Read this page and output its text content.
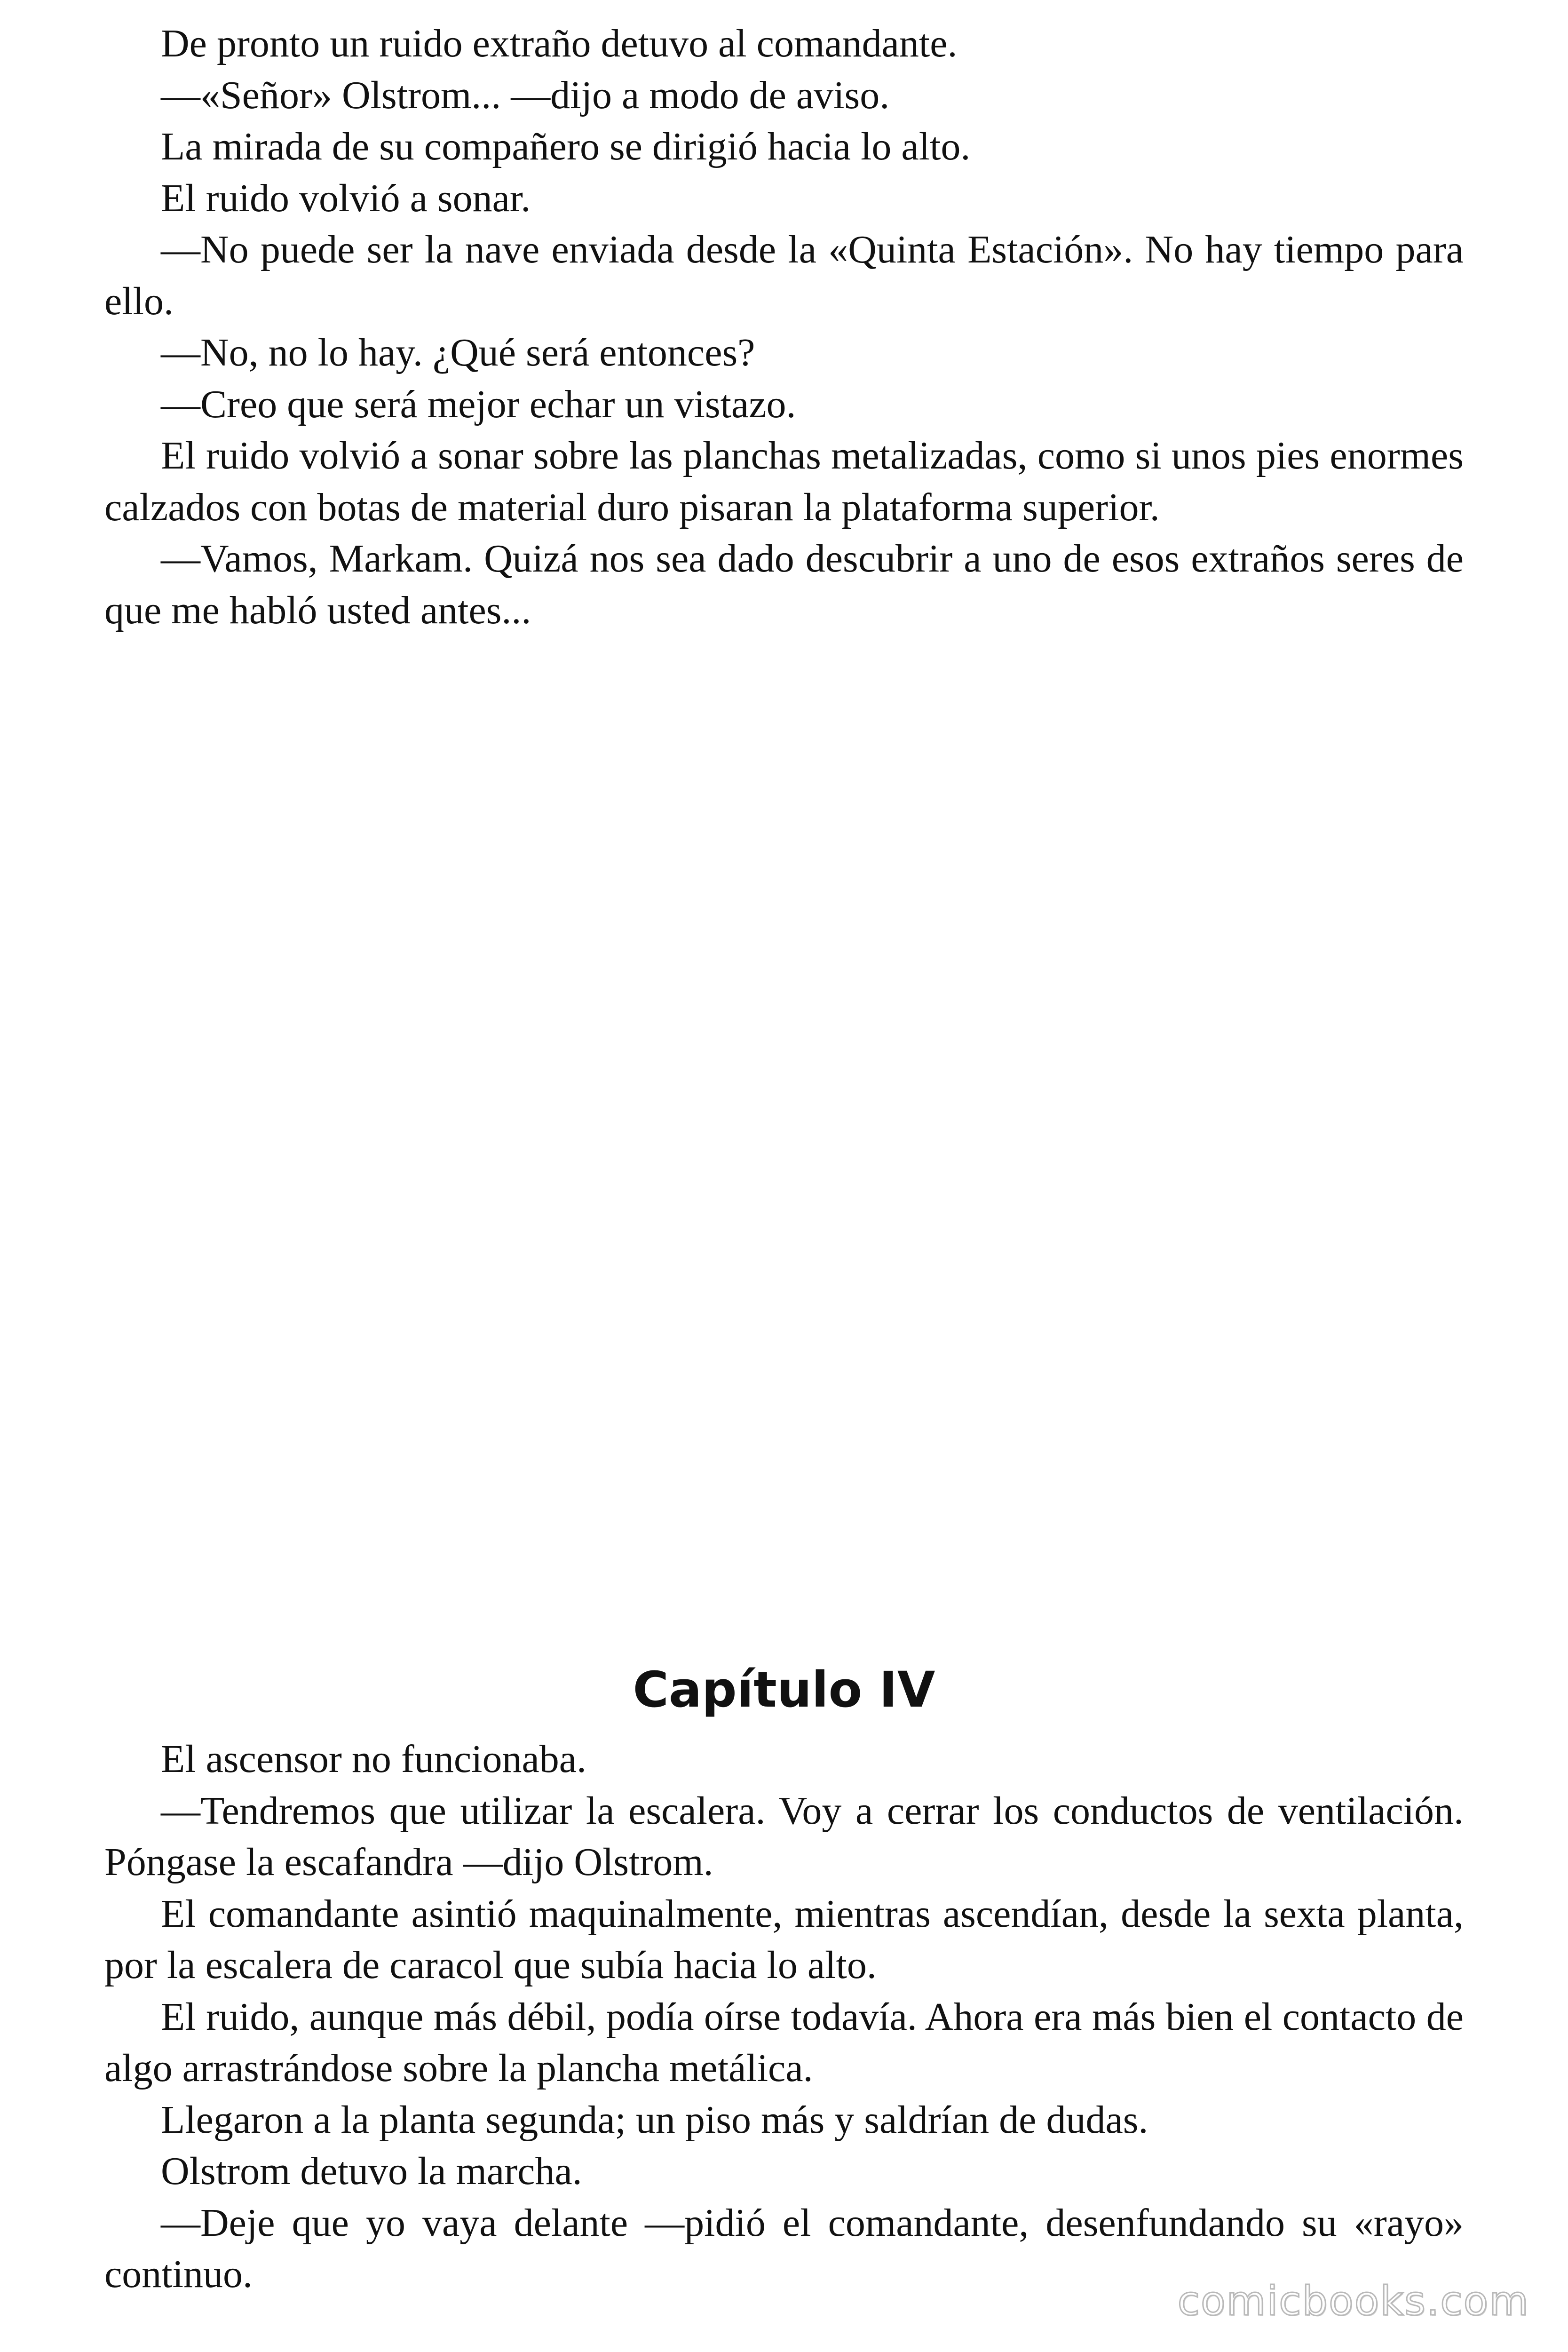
De pronto un ruido extraño detuvo al comandante.

—«Señor» Olstrom... —dijo a modo de aviso.

La mirada de su compañero se dirigió hacia lo alto.

El ruido volvió a sonar.

—No puede ser la nave enviada desde la «Quinta Estación». No hay tiempo para ello.

—No, no lo hay. ¿Qué será entonces?

—Creo que será mejor echar un vistazo.

El ruido volvió a sonar sobre las planchas metalizadas, como si unos pies enormes calzados con botas de material duro pisaran la plataforma superior.

—Vamos, Markam. Quizá nos sea dado descubrir a uno de esos extraños seres de que me habló usted antes...

Capítulo IV

El ascensor no funcionaba.

—Tendremos que utilizar la escalera. Voy a cerrar los conductos de ventilación. Póngase la escafandra —dijo Olstrom.

El comandante asintió maquinalmente, mientras ascendían, desde la sexta planta, por la escalera de caracol que subía hacia lo alto.

El ruido, aunque más débil, podía oírse todavía. Ahora era más bien el contacto de algo arrastrándose sobre la plancha metálica.

Llegaron a la planta segunda; un piso más y saldrían de dudas.

Olstrom detuvo la marcha.

—Deje que yo vaya delante —pidió el comandante, desenfundando su «rayo» continuo.

comicbooks.com
